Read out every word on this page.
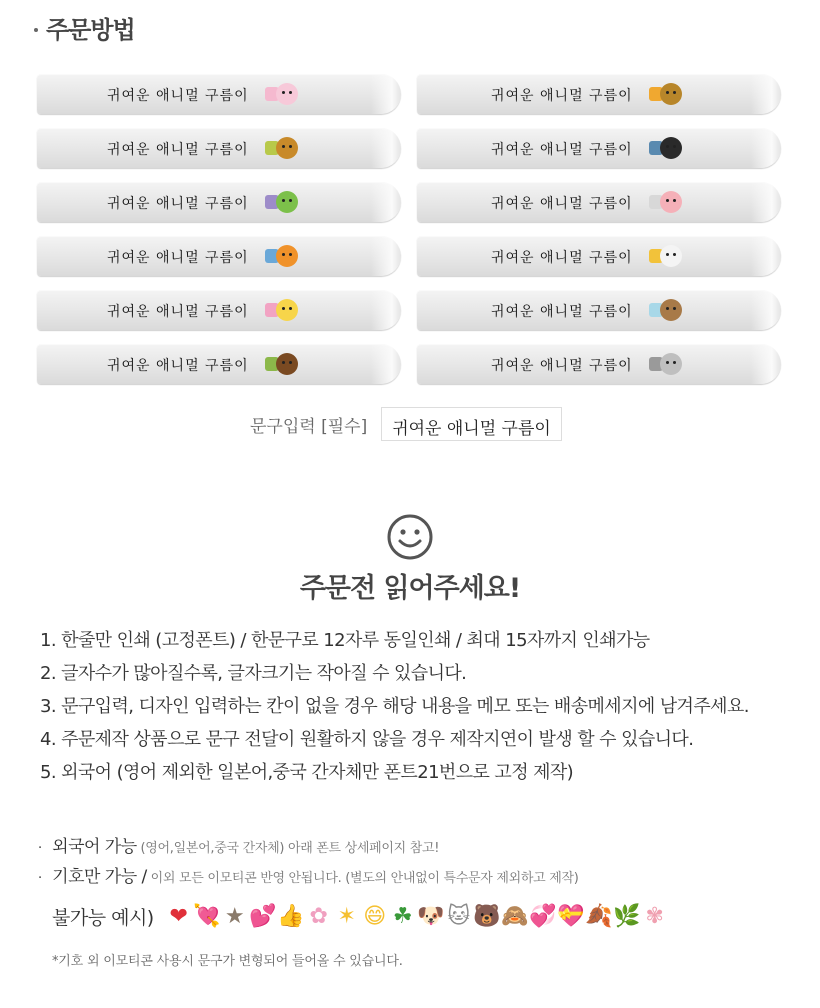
주문방법
귀여운 애니멀 구름이	귀여운 애니멀 구름이
귀여운 애니멀 구름이	귀여운 애니멀 구름이
귀여운 애니멀 구름이	귀여운 애니멀 구름이
귀여운 애니멀 구름이	귀여운 애니멀 구름이
귀여운 애니멀 구름이	귀여운 애니멀 구름이
귀여운 애니멀 구름이	귀여운 애니멀 구름이
문구입력 [필수]	귀여운 애니멀 구름이
주문전 읽어주세요!
1. 한줄만 인쇄 (고정폰트) / 한문구로 12자루 동일인쇄 / 최대 15자까지 인쇄가능
2. 글자수가 많아질수록, 글자크기는 작아질 수 있습니다.
3. 문구입력, 디자인 입력하는 칸이 없을 경우 해당 내용을 메모 또는 배송메세지에 남겨주세요.
4. 주문제작 상품으로 문구 전달이 원활하지 않을 경우 제작지연이 발생 할 수 있습니다.
5. 외국어 (영어 제외한 일본어,중국 간자체만 폰트21번으로 고정 제작)
· 외국어 가능 (영어,일본어,중국 간자체) 아래 폰트 상세페이지 참고!
· 기호만 가능 / 이외 모든 이모티콘 반영 안됩니다. (별도의 안내없이 특수문자 제외하고 제작)
불가능 예시) ❤ 💘 ★ 💕 👍 ✿ ✶ 😄 ☘ 🐶 🐱 🐻 🙈 💞 💝 🍂 🌿 ✾
*기호 외 이모티콘 사용시 문구가 변형되어 들어올 수 있습니다.
